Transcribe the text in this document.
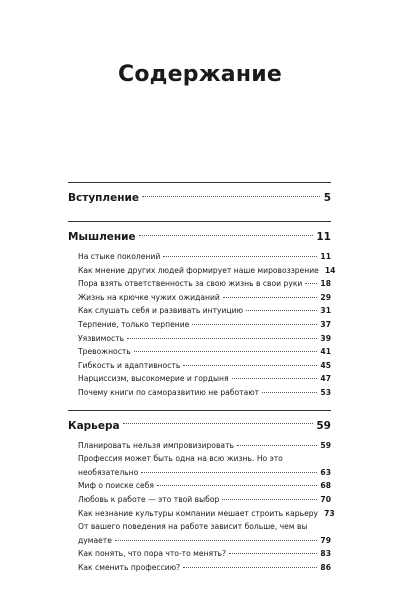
Содержание
Вступление	5
Мышление	11
На стыке поколений	11
Как мнение других людей формирует наше мировоззрение 14
Пора взять ответственность за свою жизнь в свои руки 18
Жизнь на крючке чужих ожиданий	29
Как слушать себя и развивать интуицию	31
Терпение, только терпение	37
Уязвимость	39
Тревожность	41
Гибкость и адаптивность	45
Нарциссизм, высокомерие и гордыня	47
Почему книги по саморазвитию не работают	53
Карьера	59
Планировать нельзя импровизировать	59
Профессия может быть одна на всю жизнь. Но это
необязательно	63
Миф о поиске себя	68
Любовь к работе — это твой выбор	70
Как незнание культуры компании мешает строить карьеру 73
От вашего поведения на работе зависит больше, чем вы
думаете	79
Как понять, что пора что-то менять?	83
Как сменить профессию?	86
